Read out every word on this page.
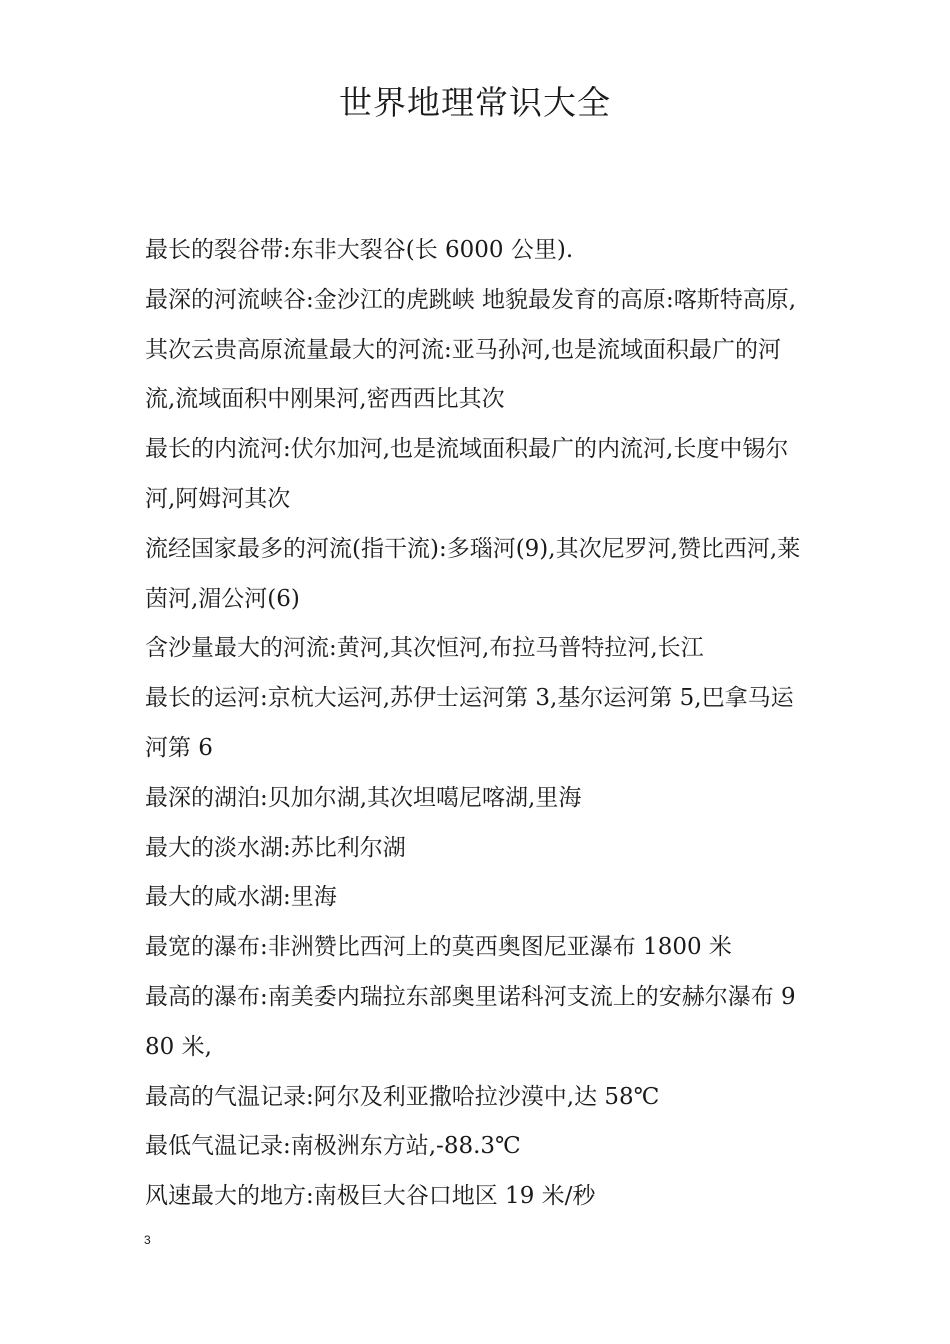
世界地理常识大全

最长的裂谷带:东非大裂谷(长 6000 公里).

最深的河流峡谷:金沙江的虎跳峡 地貌最发育的高原:喀斯特高原,其次云贵高原流量最大的河流:亚马孙河,也是流域面积最广的河流,流域面积中刚果河,密西西比其次

最长的内流河:伏尔加河,也是流域面积最广的内流河,长度中锡尔河,阿姆河其次

流经国家最多的河流(指干流):多瑙河(9),其次尼罗河,赞比西河,莱茵河,湄公河(6)

含沙量最大的河流:黄河,其次恒河,布拉马普特拉河,长江

最长的运河:京杭大运河,苏伊士运河第 3,基尔运河第 5,巴拿马运河第 6

最深的湖泊:贝加尔湖,其次坦噶尼喀湖,里海

最大的淡水湖:苏比利尔湖

最大的咸水湖:里海

最宽的瀑布:非洲赞比西河上的莫西奥图尼亚瀑布 1800 米

最高的瀑布:南美委内瑞拉东部奥里诺科河支流上的安赫尔瀑布 980 米,

最高的气温记录:阿尔及利亚撒哈拉沙漠中,达 58℃

最低气温记录:南极洲东方站,-88.3℃

风速最大的地方:南极巨大谷口地区 19 米/秒

3
